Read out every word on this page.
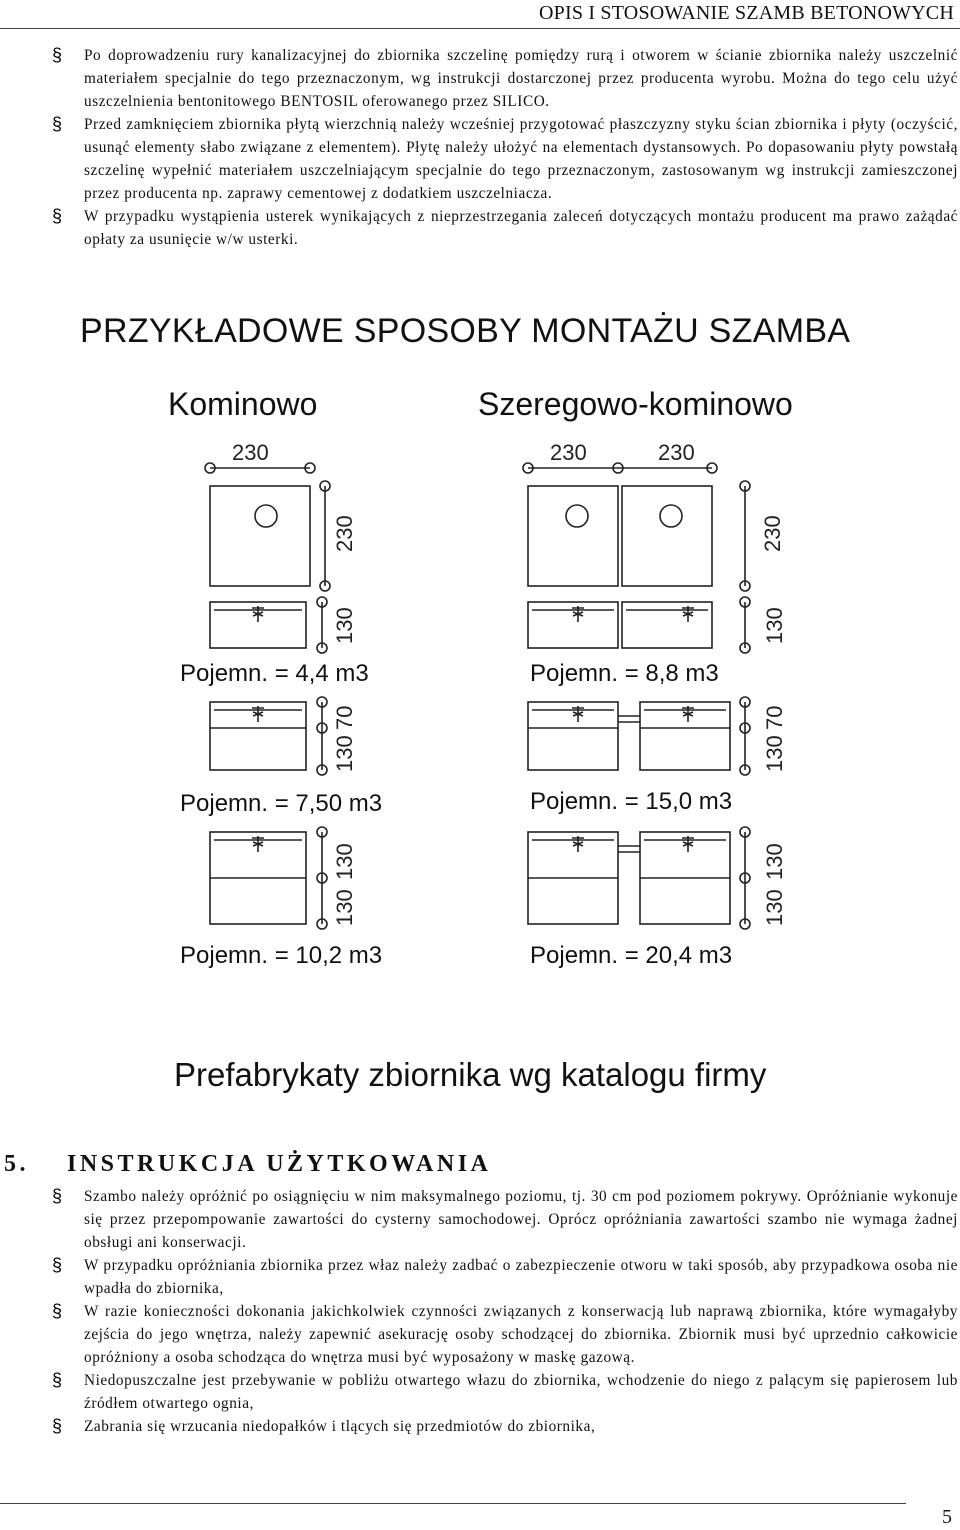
OPIS I STOSOWANIE SZAMB BETONOWYCH
§ Po doprowadzeniu rury kanalizacyjnej do zbiornika szczelinę pomiędzy rurą i otworem w ścianie zbiornika należy uszczelnić materiałem specjalnie do tego przeznaczonym, wg instrukcji dostarczonej przez producenta wyrobu. Można do tego celu użyć uszczelnienia bentonitowego BENTOSIL oferowanego przez SILICO.
§ Przed zamknięciem zbiornika płytą wierzchnią należy wcześniej przygotować płaszczyzny styku ścian zbiornika i płyty (oczyścić, usunąć elementy słabo związane z elementem). Płytę należy ułożyć na elementach dystansowych. Po dopasowaniu płyty powstałą szczelinę wypełnić materiałem uszczelniającym specjalnie do tego przeznaczonym, zastosowanym wg instrukcji zamieszczonej przez producenta np. zaprawy cementowej z dodatkiem uszczelniacza.
§ W przypadku wystąpienia usterek wynikających z nieprzestrzegania zaleceń dotyczących montażu producent ma prawo zażądać opłaty za usunięcie w/w usterki.
PRZYKŁADOWE SPOSOBY MONTAŻU SZAMBA
Kominowo	Szeregowo-kominowo
230
230
230	230
230
130
70
130
130
130
130
70
130
130
130
Pojemn. = 4,4 m3
Pojemn. = 7,50 m3
Pojemn. = 10,2 m3
Pojemn. = 8,8 m3
Pojemn. = 15,0 m3
Pojemn. = 20,4 m3
Prefabrykaty zbiornika wg katalogu firmy
5. INSTRUKCJA UŻYTKOWANIA
§ Szambo należy opróżnić po osiągnięciu w nim maksymalnego poziomu, tj. 30 cm pod poziomem pokrywy. Opróżnianie wykonuje się przez przepompowanie zawartości do cysterny samochodowej. Oprócz opróżniania zawartości szambo nie wymaga żadnej obsługi ani konserwacji.
§ W przypadku opróżniania zbiornika przez właz należy zadbać o zabezpieczenie otworu w taki sposób, aby przypadkowa osoba nie wpadła do zbiornika,
§ W razie konieczności dokonania jakichkolwiek czynności związanych z konserwacją lub naprawą zbiornika, które wymagałyby zejścia do jego wnętrza, należy zapewnić asekurację osoby schodzącej do zbiornika. Zbiornik musi być uprzednio całkowicie opróżniony a osoba schodząca do wnętrza musi być wyposażony w maskę gazową.
§ Niedopuszczalne jest przebywanie w pobliżu otwartego włazu do zbiornika, wchodzenie do niego z palącym się papierosem lub źródłem otwartego ognia,
§ Zabrania się wrzucania niedopałków i tlących się przedmiotów do zbiornika,
5
